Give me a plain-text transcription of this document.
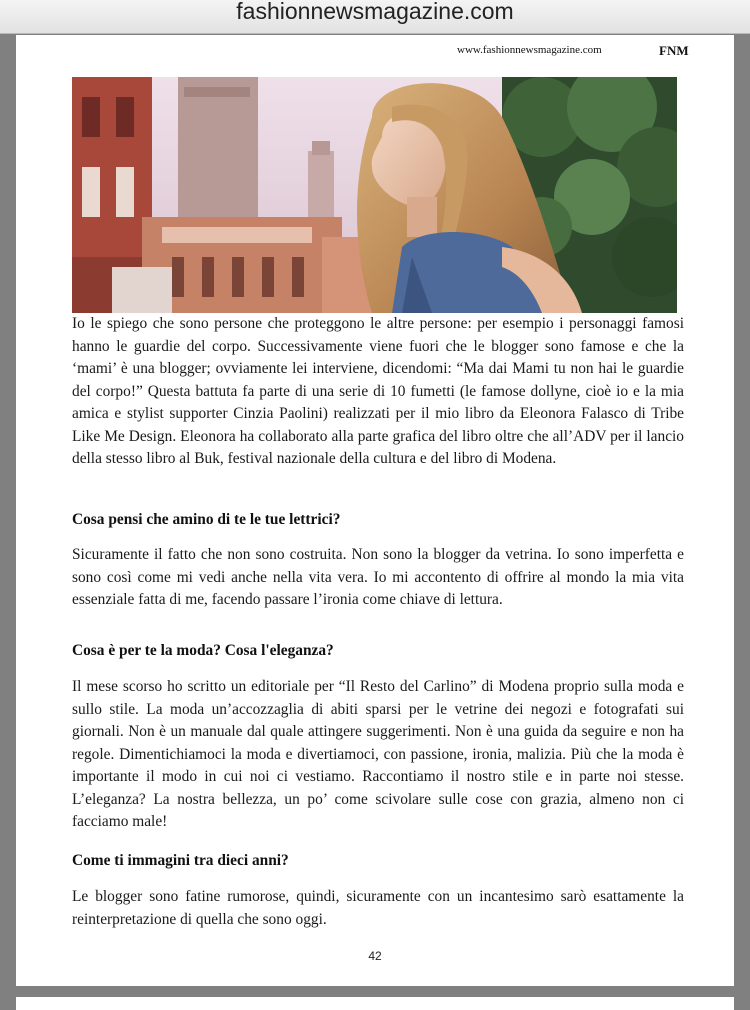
fashionnewsmagazine.com
www.fashionnewsmagazine.com	FNM

Io le spiego che sono persone che proteggono le altre persone: per esempio i personaggi famosi hanno le guardie del corpo. Successivamente viene fuori che le blogger sono famose e che la ‘mami’ è una blogger; ovviamente lei interviene, dicendomi: “Ma dai Mami tu non hai le guardie del corpo!” Questa battuta fa parte di una serie di 10 fumetti (le famose dollyne, cioè io e la mia amica e stylist supporter Cinzia Paolini) realizzati per il mio libro da Eleonora Falasco di Tribe Like Me Design. Eleonora ha collaborato alla parte grafica del libro oltre che all’ADV per il lancio della stesso libro al Buk, festival nazionale della cultura e del libro di Modena.

Cosa pensi che amino di te le tue lettrici?

Sicuramente il fatto che non sono costruita. Non sono la blogger da vetrina. Io sono imperfetta e sono così come mi vedi anche nella vita vera. Io mi accontento di offrire al mondo la mia vita essenziale fatta di me, facendo passare l’ironia come chiave di lettura.

Cosa è per te la moda? Cosa l'eleganza?

Il mese scorso ho scritto un editoriale per “Il Resto del Carlino” di Modena proprio sulla moda e sullo stile. La moda un’accozzaglia di abiti sparsi per le vetrine dei negozi e fotografati sui giornali. Non è un manuale dal quale attingere suggerimenti. Non è una guida da seguire e non ha regole. Dimentichiamoci la moda e divertiamoci, con passione, ironia, malizia. Più che la moda è importante il modo in cui noi ci vestiamo. Raccontiamo il nostro stile e in parte noi stesse. L’eleganza? La nostra bellezza, un po’ come scivolare sulle cose con grazia, almeno non ci facciamo male!

Come ti immagini tra dieci anni?

Le blogger sono fatine rumorose, quindi, sicuramente con un incantesimo sarò esattamente la reinterpretazione di quella che sono oggi.

42
